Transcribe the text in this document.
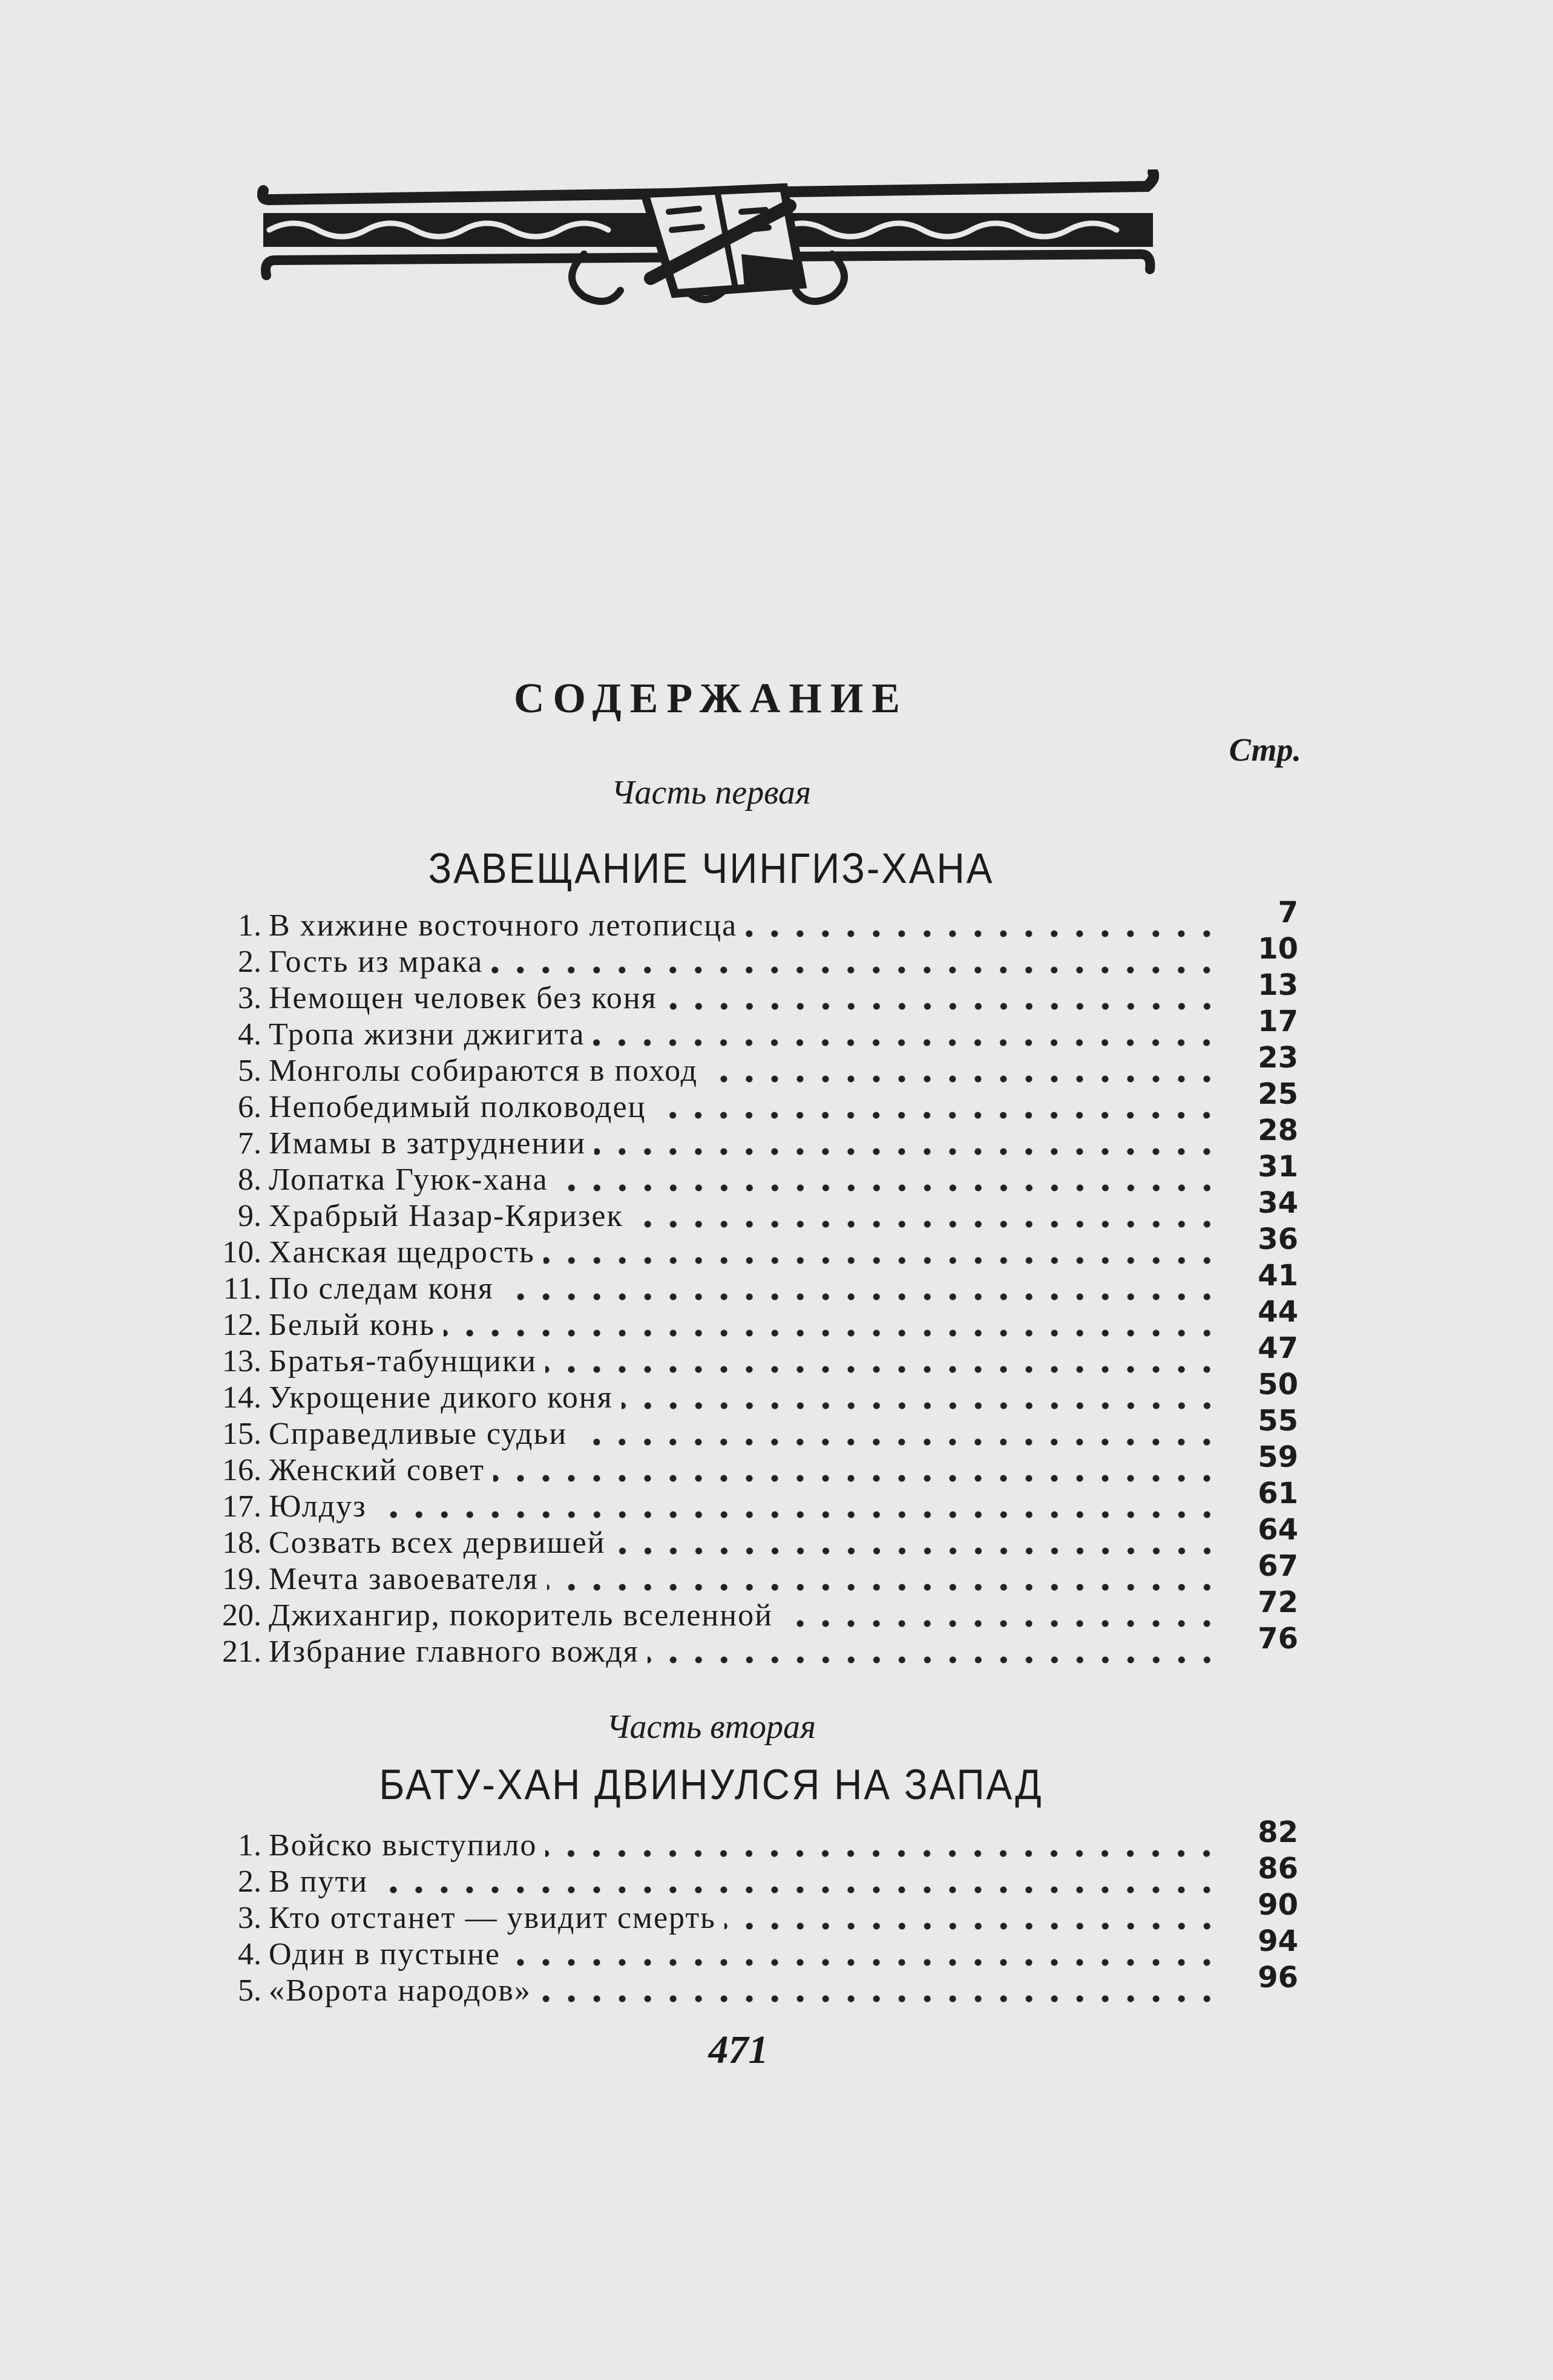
СОДЕРЖАНИЕ
Стр.
Часть первая
ЗАВЕЩАНИЕ ЧИНГИЗ-ХАНА
1. В хижине восточного летописца	7
2. Гость из мрака	10
3. Немощен человек без коня	13
4. Тропа жизни джигита	17
5. Монголы собираются в поход	23
6. Непобедимый полководец	25
7. Имамы в затруднении	28
8. Лопатка Гуюк-хана	31
9. Храбрый Назар-Кяризек	34
10. Ханская щедрость	36
11. По следам коня	41
12. Белый конь	44
13. Братья-табунщики	47
14. Укрощение дикого коня	50
15. Справедливые судьи	55
16. Женский совет	59
17. Юлдуз	61
18. Созвать всех дервишей	64
19. Мечта завоевателя	67
20. Джихангир, покоритель вселенной	72
21. Избрание главного вождя	76
Часть вторая
БАТУ-ХАН ДВИНУЛСЯ НА ЗАПАД
1. Войско выступило	82
2. В пути	86
3. Кто отстанет — увидит смерть	90
4. Один в пустыне	94
5. «Ворота народов»	96
471
